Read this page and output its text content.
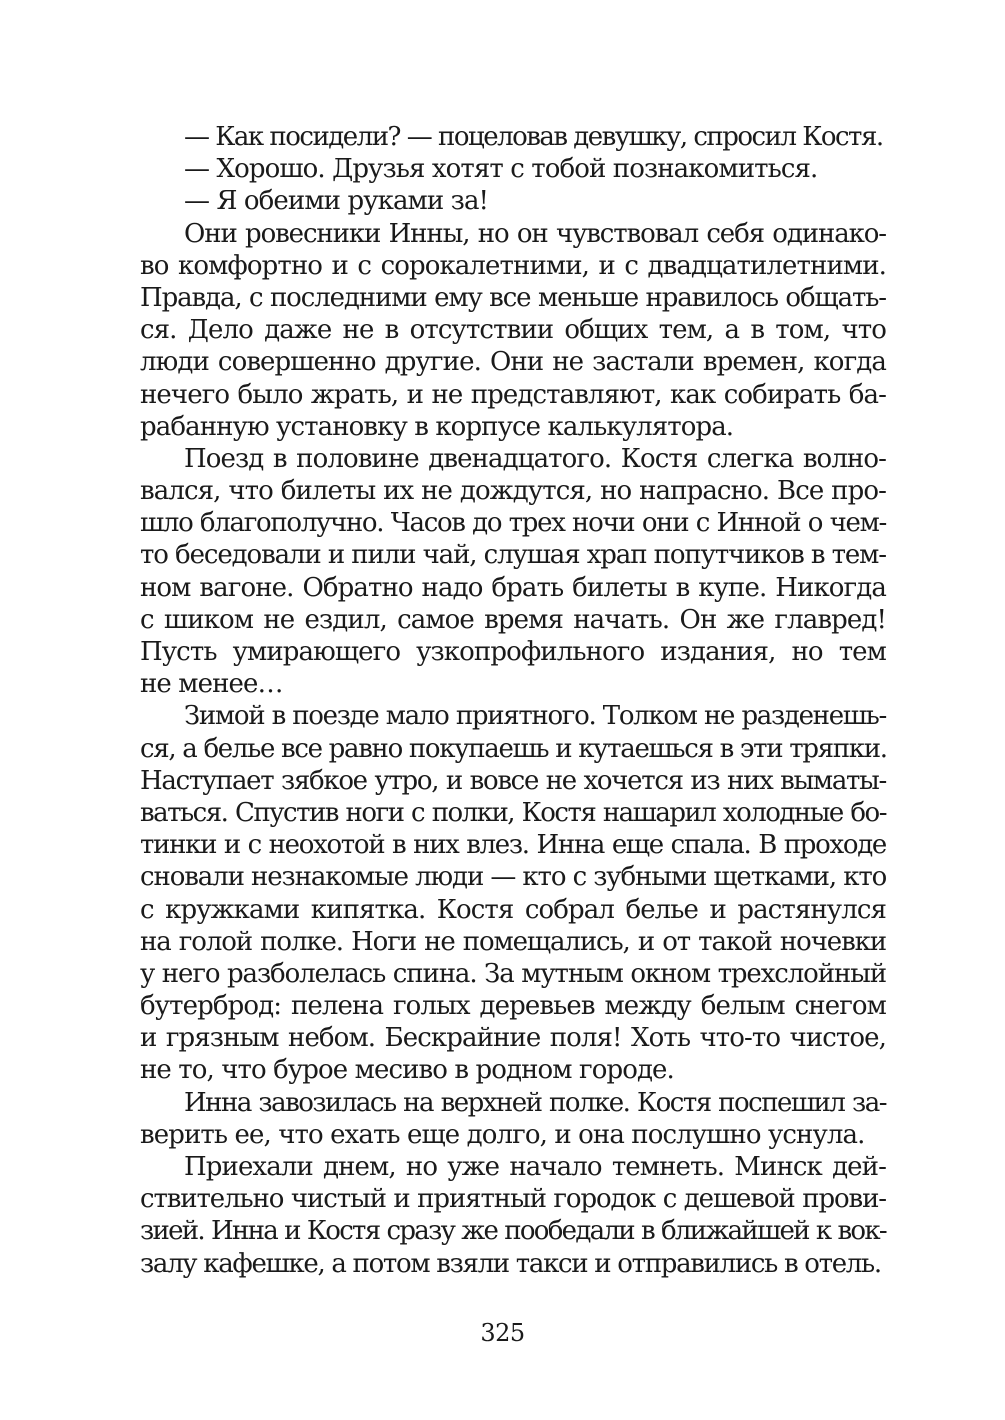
— Как посидели? — поцеловав девушку, спросил Костя.
— Хорошо. Друзья хотят с тобой познакомиться.
— Я обеими руками за!
Они ровесники Инны, но он чувствовал себя одинако-
во комфортно и с сорокалетними, и с двадцатилетними.
Правда, с последними ему все меньше нравилось общать-
ся. Дело даже не в отсутствии общих тем, а в том, что
люди совершенно другие. Они не застали времен, когда
нечего было жрать, и не представляют, как собирать ба-
рабанную установку в корпусе калькулятора.
Поезд в половине двенадцатого. Костя слегка волно-
вался, что билеты их не дождутся, но напрасно. Все про-
шло благополучно. Часов до трех ночи они с Инной о чем-
то беседовали и пили чай, слушая храп попутчиков в тем-
ном вагоне. Обратно надо брать билеты в купе. Никогда
с шиком не ездил, самое время начать. Он же главред!
Пусть умирающего узкопрофильного издания, но тем
не менее…
Зимой в поезде мало приятного. Толком не разденешь-
ся, а белье все равно покупаешь и кутаешься в эти тряпки.
Наступает зябкое утро, и вовсе не хочется из них выматы-
ваться. Спустив ноги с полки, Костя нашарил холодные бо-
тинки и с неохотой в них влез. Инна еще спала. В проходе
сновали незнакомые люди — кто с зубными щетками, кто
с кружками кипятка. Костя собрал белье и растянулся
на голой полке. Ноги не помещались, и от такой ночевки
у него разболелась спина. За мутным окном трехслойный
бутерброд: пелена голых деревьев между белым снегом
и грязным небом. Бескрайние поля! Хоть что-то чистое,
не то, что бурое месиво в родном городе.
Инна завозилась на верхней полке. Костя поспешил за-
верить ее, что ехать еще долго, и она послушно уснула.
Приехали днем, но уже начало темнеть. Минск дей-
ствительно чистый и приятный городок с дешевой прови-
зией. Инна и Костя сразу же пообедали в ближайшей к вок-
залу кафешке, а потом взяли такси и отправились в отель.
325
